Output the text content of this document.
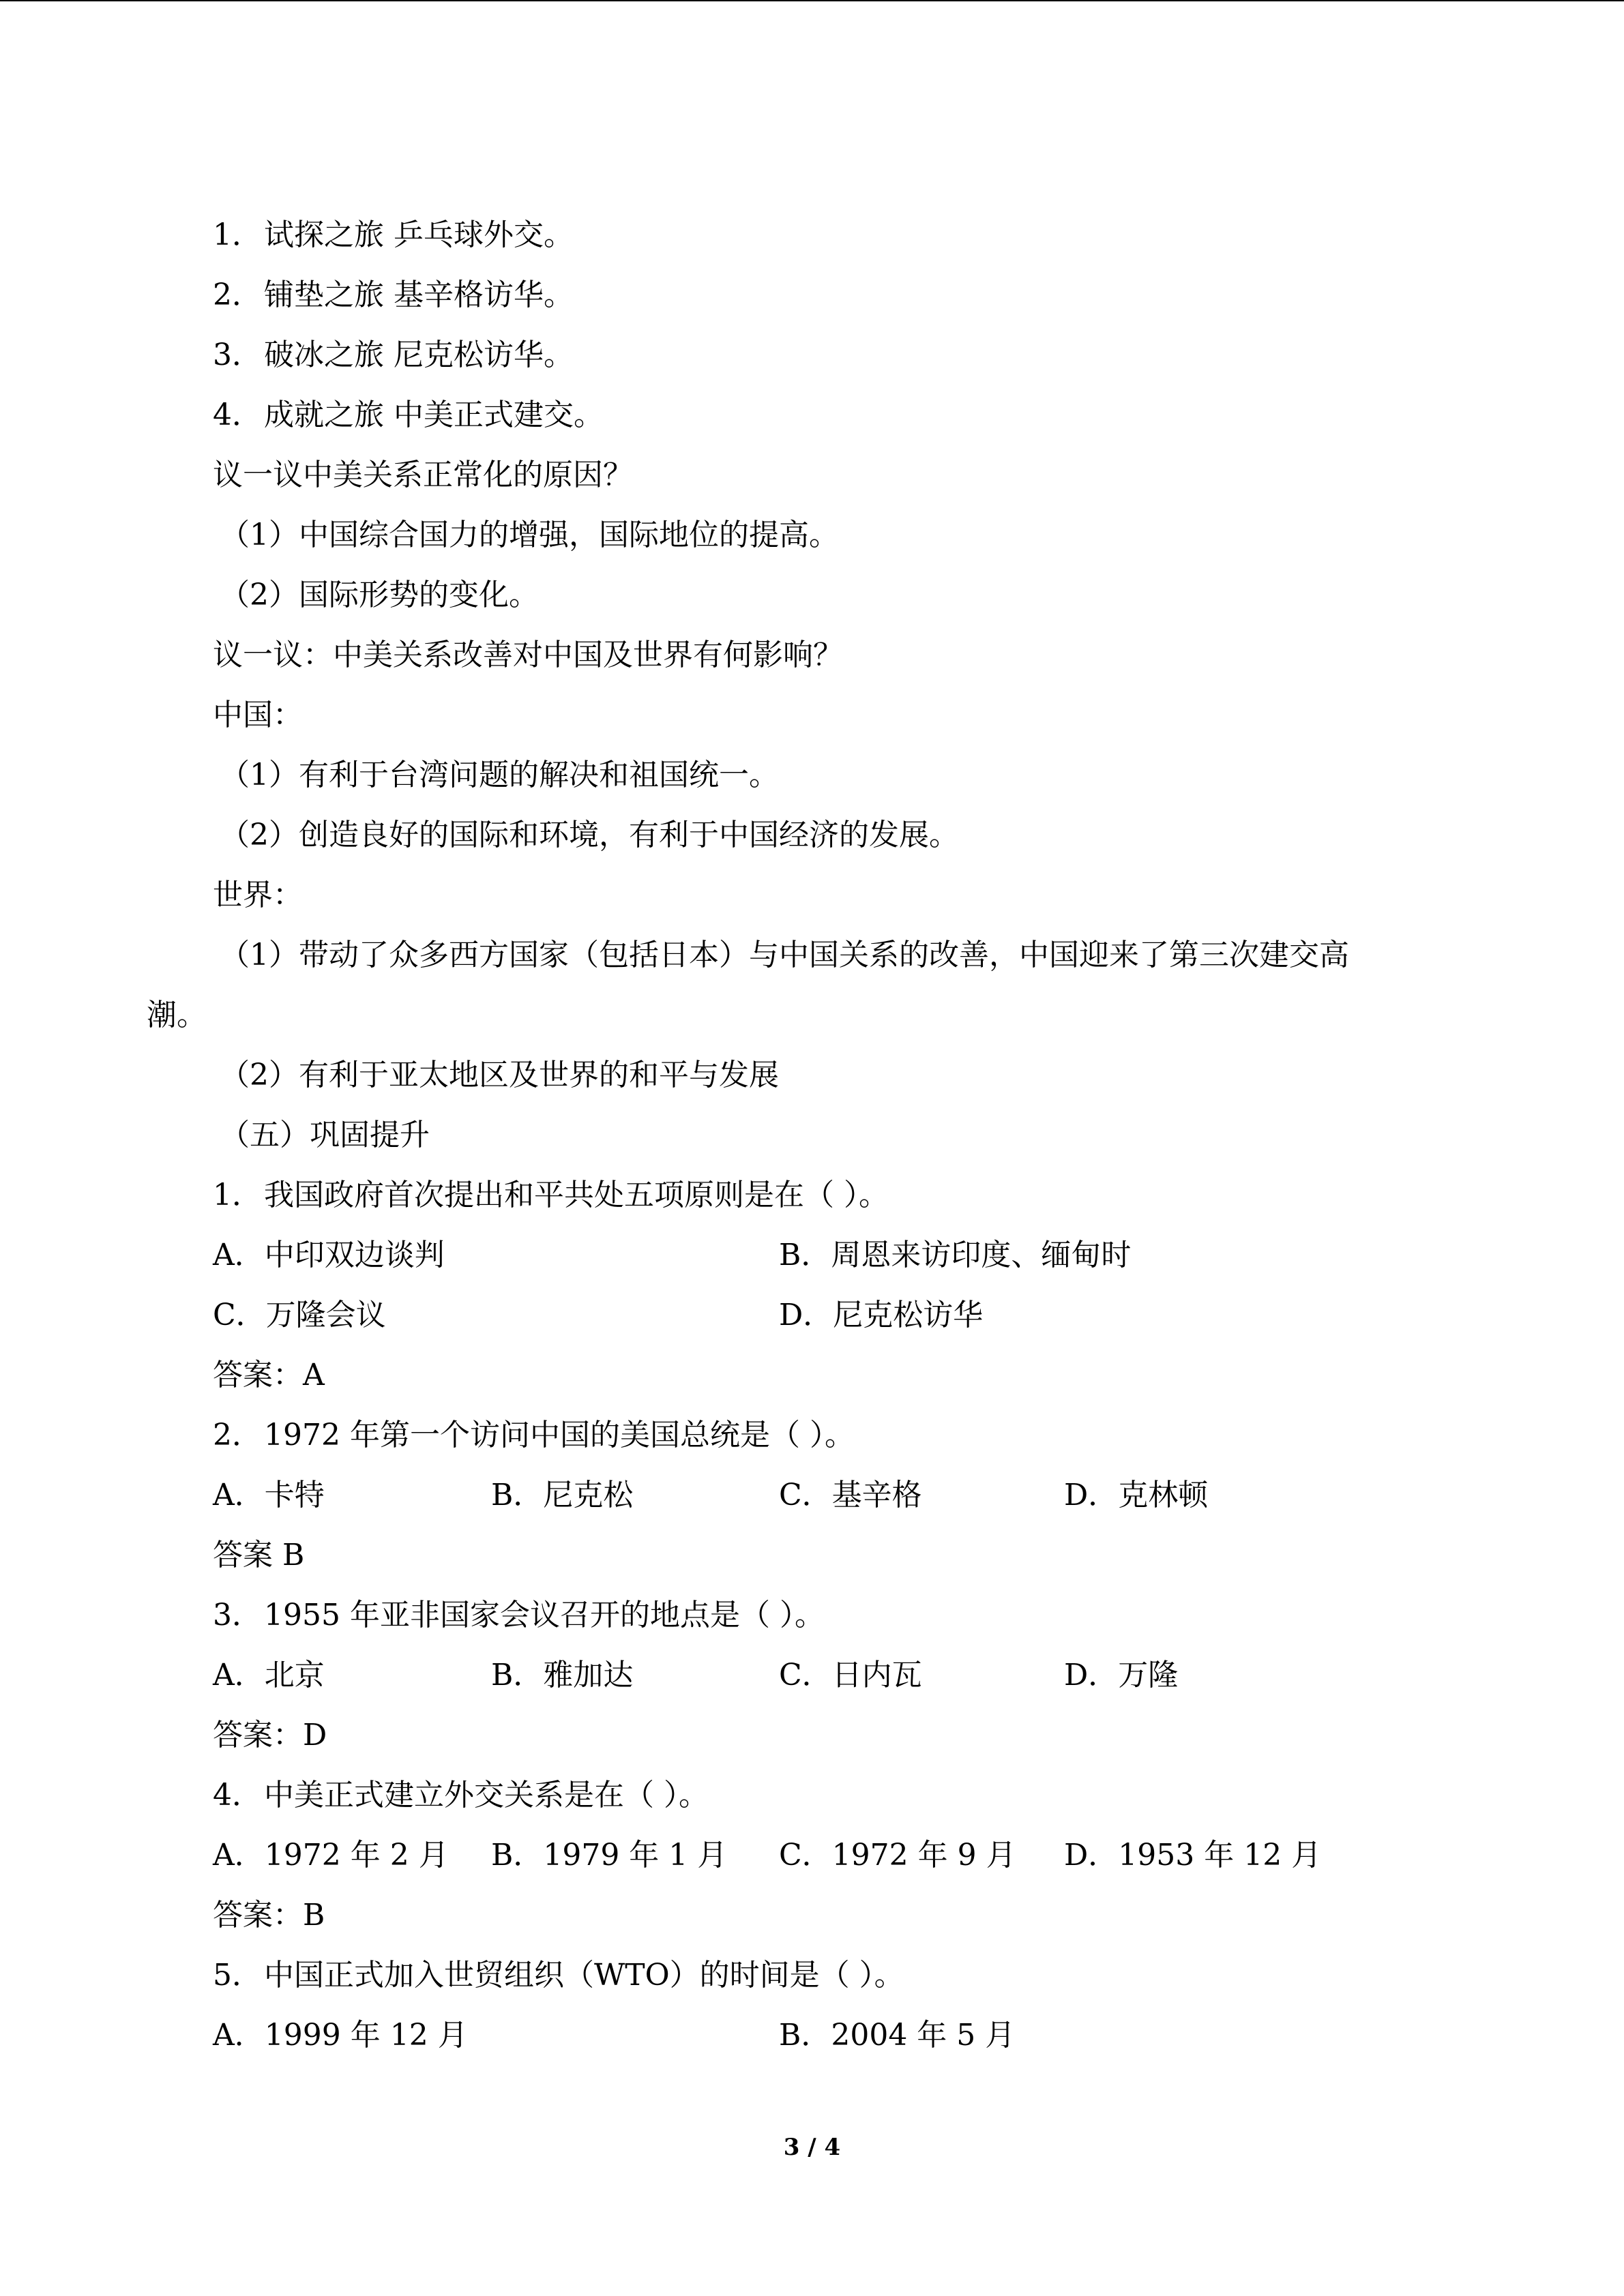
1．试探之旅 乒乓球外交。
2．铺垫之旅 基辛格访华。
3．破冰之旅 尼克松访华。
4．成就之旅 中美正式建交。
议一议中美关系正常化的原因？
（1）中国综合国力的增强，国际地位的提高。
（2）国际形势的变化。
议一议：中美关系改善对中国及世界有何影响？
中国：
（1）有利于台湾问题的解决和祖国统一。
（2）创造良好的国际和环境，有利于中国经济的发展。
世界：
（1）带动了众多西方国家（包括日本）与中国关系的改善，中国迎来了第三次建交高
潮。
（2）有利于亚太地区及世界的和平与发展
（五）巩固提升
1．我国政府首次提出和平共处五项原则是在（ ）。
A．中印双边谈判	B．周恩来访印度、缅甸时
C．万隆会议	D．尼克松访华
答案：A
2．1972 年第一个访问中国的美国总统是（ ）。
A．卡特	B．尼克松	C．基辛格	D．克林顿
答案 B
3．1955 年亚非国家会议召开的地点是（ ）。
A．北京	B．雅加达	C．日内瓦	D．万隆
答案：D
4．中美正式建立外交关系是在（ ）。
A．1972 年 2 月 B．1979 年 1 月 C．1972 年 9 月 D．1953 年 12 月
答案：B
5．中国正式加入世贸组织（WTO）的时间是（ ）。
A．1999 年 12 月	B．2004 年 5 月
3 / 4
